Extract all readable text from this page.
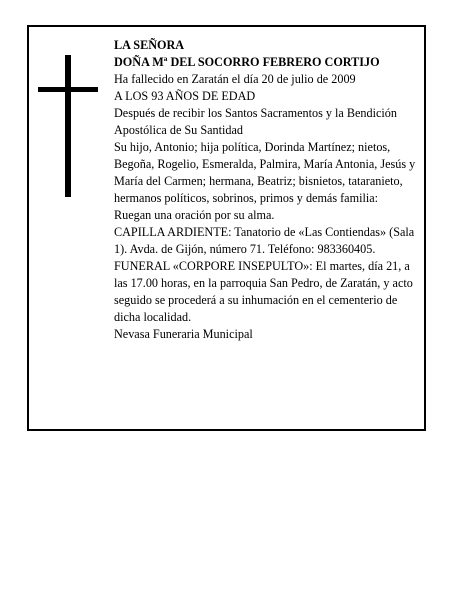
LA SEÑORA

DOÑA Mª DEL SOCORRO FEBRERO CORTIJO

Ha fallecido en Zaratán el día 20 de julio de 2009

A LOS 93 AÑOS DE EDAD

Después de recibir los Santos Sacramentos y la Bendición Apostólica de Su Santidad

Su hijo, Antonio; hija política, Dorinda Martínez; nietos, Begoña, Rogelio, Esmeralda, Palmira, María Antonia, Jesús y María del Carmen; hermana, Beatriz; bisnietos, tataranieto, hermanos políticos, sobrinos, primos y demás familia:

Ruegan una oración por su alma.

CAPILLA ARDIENTE: Tanatorio de «Las Contiendas» (Sala 1). Avda. de Gijón, número 71. Teléfono: 983360405.

FUNERAL «CORPORE INSEPULTO»: El martes, día 21, a las 17.00 horas, en la parroquia San Pedro, de Zaratán, y acto seguido se procederá a su inhumación en el cementerio de dicha localidad.

Nevasa Funeraria Municipal
